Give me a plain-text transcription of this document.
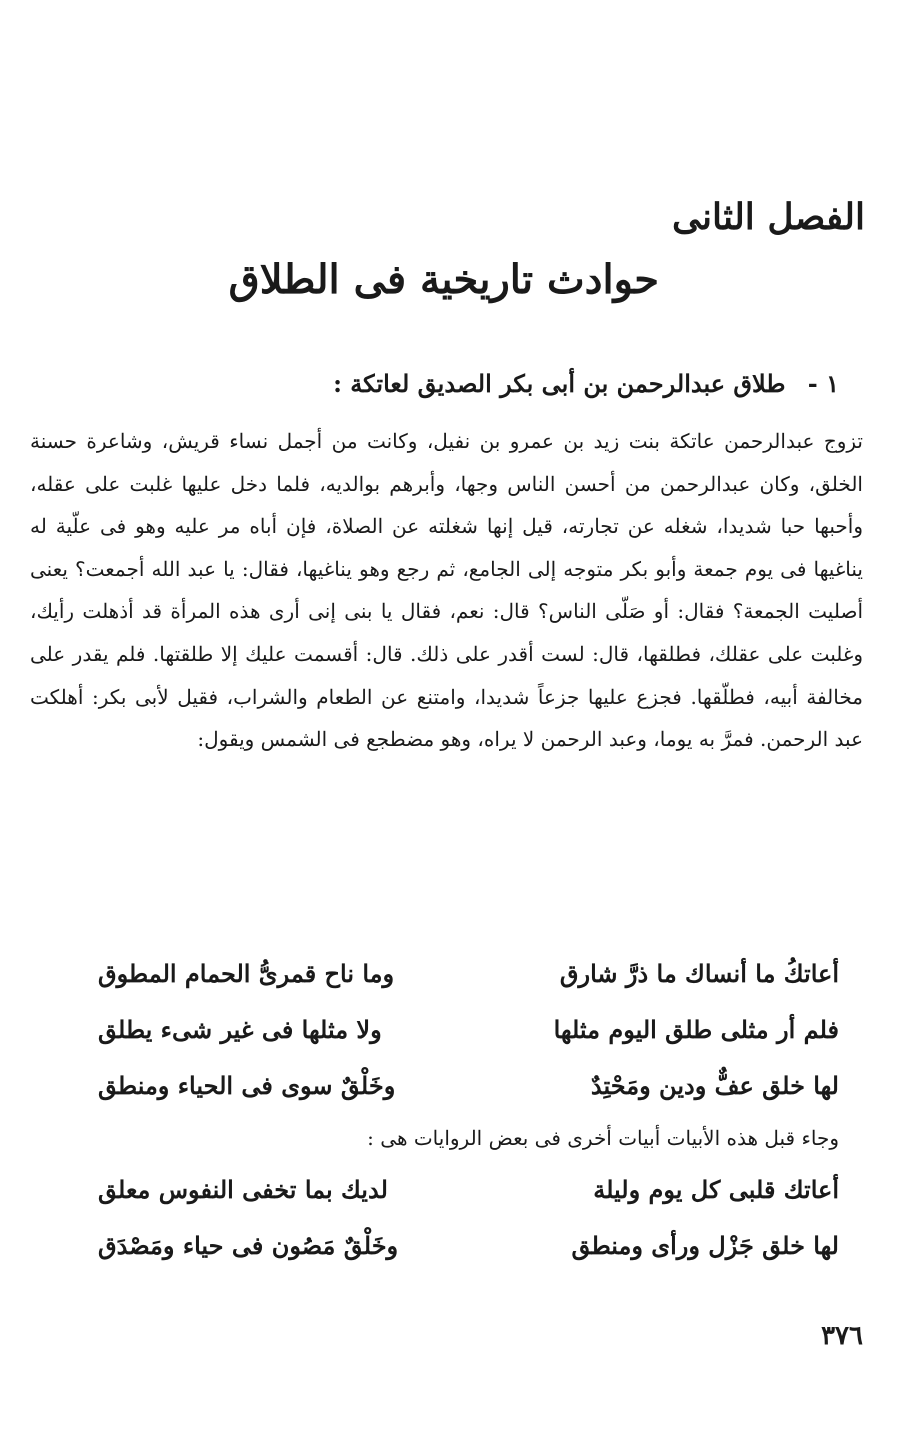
الفصل الثانى
حوادث تاريخية فى الطلاق
١ - طلاق عبدالرحمن بن أبى بكر الصديق لعاتكة :

تزوج عبدالرحمن عاتكة بنت زيد بن عمرو بن نفيل، وكانت من أجمل نساء قريش، وشاعرة حسنة الخلق، وكان عبدالرحمن من أحسن الناس وجها، وأبرهم بوالديه، فلما دخل عليها غلبت على عقله، وأحبها حبا شديدا، شغله عن تجارته، قيل إنها شغلته عن الصلاة، فإن أباه مر عليه وهو فى علّية له يناغيها فى يوم جمعة وأبو بكر متوجه إلى الجامع، ثم رجع وهو يناغيها، فقال: يا عبد الله أجمعت؟ يعنى أصليت الجمعة؟ فقال: أو صَلّى الناس؟ قال: نعم، فقال يا بنى إنى أرى هذه المرأة قد أذهلت رأيك، وغلبت على عقلك، فطلقها، قال: لست أقدر على ذلك. قال: أقسمت عليك إلا طلقتها. فلم يقدر على مخالفة أبيه، فطلّقها. فجزع عليها جزعاً شديدا، وامتنع عن الطعام والشراب، فقيل لأبى بكر: أهلكت عبد الرحمن. فمرَّ به يوما، وعبد الرحمن لا يراه، وهو مضطجع فى الشمس ويقول:

أعاتكُ ما أنساك ما ذرَّ شارق
وما ناح قمرىُّ الحمام المطوق
فلم أر مثلى طلق اليوم مثلها
ولا مثلها فى غير شىء يطلق
لها خلق عفٌّ ودين ومَحْتِدٌ
وخَلْقٌ سوى فى الحياء ومنطق

وجاء قبل هذه الأبيات أبيات أخرى فى بعض الروايات هى :

أعاتك قلبى كل يوم وليلة
لديك بما تخفى النفوس معلق
لها خلق جَزْل ورأى ومنطق
وخَلْقٌ مَصُون فى حياء ومَصْدَق
٣٧٦
